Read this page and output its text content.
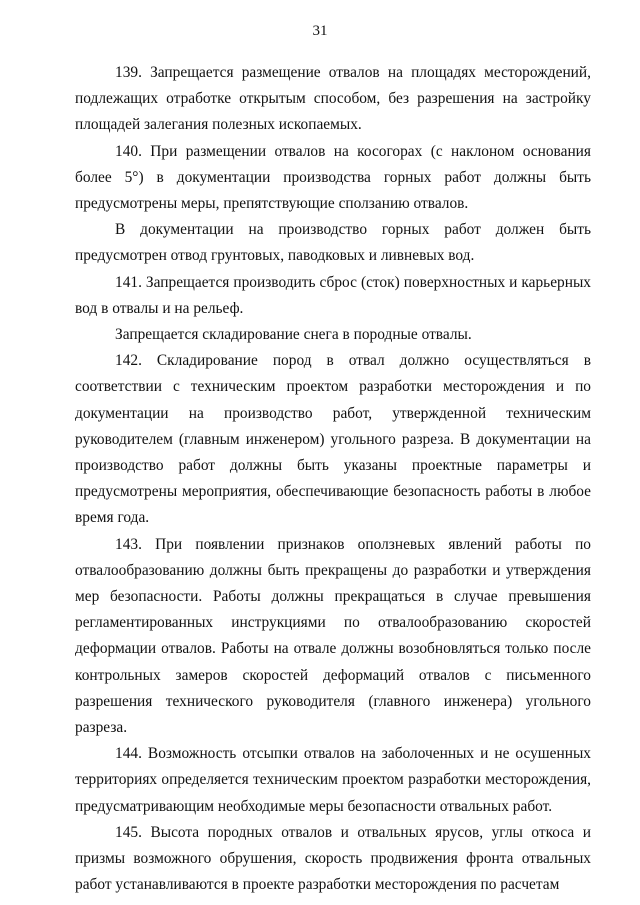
31

139. Запрещается размещение отвалов на площадях месторождений, подлежащих отработке открытым способом, без разрешения на застройку площадей залегания полезных ископаемых.

140. При размещении отвалов на косогорах (с наклоном основания более 5°) в документации производства горных работ должны быть предусмотрены меры, препятствующие сползанию отвалов.

В документации на производство горных работ должен быть предусмотрен отвод грунтовых, паводковых и ливневых вод.

141. Запрещается производить сброс (сток) поверхностных и карьерных вод в отвалы и на рельеф.

Запрещается складирование снега в породные отвалы.

142. Складирование пород в отвал должно осуществляться в соответствии с техническим проектом разработки месторождения и по документации на производство работ, утвержденной техническим руководителем (главным инженером) угольного разреза. В документации на производство работ должны быть указаны проектные параметры и предусмотрены мероприятия, обеспечивающие безопасность работы в любое время года.

143. При появлении признаков оползневых явлений работы по отвалообразованию должны быть прекращены до разработки и утверждения мер безопасности. Работы должны прекращаться в случае превышения регламентированных инструкциями по отвалообразованию скоростей деформации отвалов. Работы на отвале должны возобновляться только после контрольных замеров скоростей деформаций отвалов с письменного разрешения технического руководителя (главного инженера) угольного разреза.

144. Возможность отсыпки отвалов на заболоченных и не осушенных территориях определяется техническим проектом разработки месторождения, предусматривающим необходимые меры безопасности отвальных работ.

145. Высота породных отвалов и отвальных ярусов, углы откоса и призмы возможного обрушения, скорость продвижения фронта отвальных работ устанавливаются в проекте разработки месторождения по расчетам
